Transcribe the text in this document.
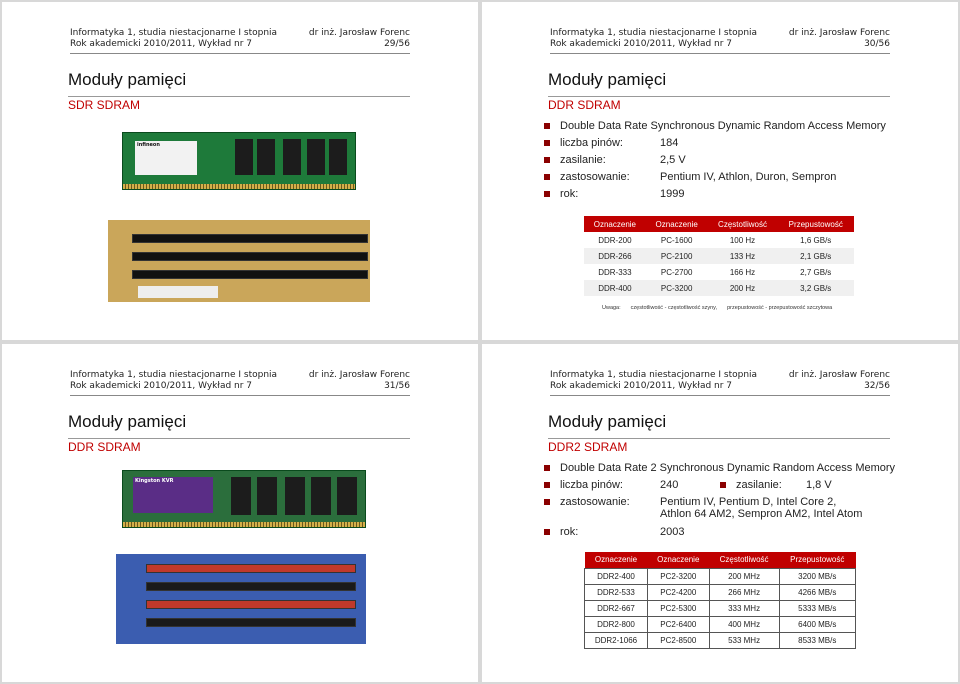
Informatyka 1, studia niestacjonarne I stopnia	dr inż. Jarosław Forenc
Rok akademicki 2010/2011, Wykład nr 7	29/56
Moduły pamięci
SDR SDRAM
infineon
Informatyka 1, studia niestacjonarne I stopnia	dr inż. Jarosław Forenc
Rok akademicki 2010/2011, Wykład nr 7	30/56
Moduły pamięci
DDR SDRAM
Double Data Rate Synchronous Dynamic Random Access Memory
liczba pinów:	184
zasilanie:	2,5 V
zastosowanie:	Pentium IV, Athlon, Duron, Sempron
rok:	1999
Oznaczenie	Oznaczenie	Częstotliwość	Przepustowość
DDR-200	PC-1600	100 Hz	1,6 GB/s
DDR-266	PC-2100	133 Hz	2,1 GB/s
DDR-333	PC-2700	166 Hz	2,7 GB/s
DDR-400	PC-3200	200 Hz	3,2 GB/s
Uwaga: częstotliwość - częstotliwość szyny, przepustowość - przepustowość szczytowa
Informatyka 1, studia niestacjonarne I stopnia	dr inż. Jarosław Forenc
Rok akademicki 2010/2011, Wykład nr 7	31/56
Moduły pamięci
DDR SDRAM
Kingston KVR
Informatyka 1, studia niestacjonarne I stopnia	dr inż. Jarosław Forenc
Rok akademicki 2010/2011, Wykład nr 7	32/56
Moduły pamięci
DDR2 SDRAM
Double Data Rate 2 Synchronous Dynamic Random Access Memory
liczba pinów:	240	zasilanie:	1,8 V
zastosowanie:	Pentium IV, Pentium D, Intel Core 2,
Athlon 64 AM2, Sempron AM2, Intel Atom
rok:	2003
Oznaczenie	Oznaczenie	Częstotliwość	Przepustowość
DDR2-400	PC2-3200	200 MHz	3200 MB/s
DDR2-533	PC2-4200	266 MHz	4266 MB/s
DDR2-667	PC2-5300	333 MHz	5333 MB/s
DDR2-800	PC2-6400	400 MHz	6400 MB/s
DDR2-1066	PC2-8500	533 MHz	8533 MB/s
